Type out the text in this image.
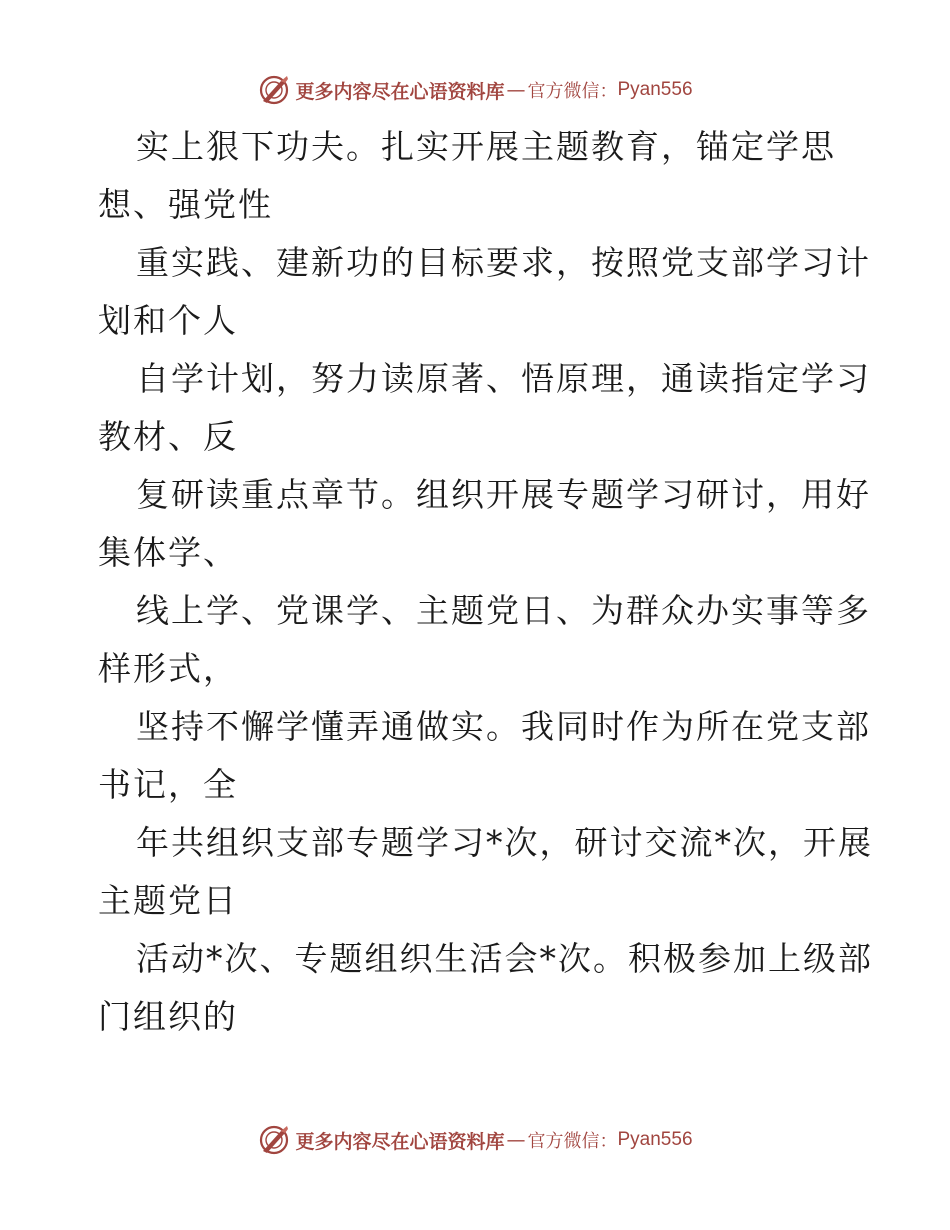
更多内容尽在心语资料库 — 官方微信： Pyan556
实上狠下功夫。扎实开展主题教育，锚定学思
想、强党性
重实践、建新功的目标要求，按照党支部学习计
划和个人
自学计划，努力读原著、悟原理，通读指定学习
教材、反
复研读重点章节。组织开展专题学习研讨，用好
集体学、
线上学、党课学、主题党日、为群众办实事等多
样形式，
坚持不懈学懂弄通做实。我同时作为所在党支部
书记，全
年共组织支部专题学习*次，研讨交流*次，开展
主题党日
活动*次、专题组织生活会*次。积极参加上级部
门组织的
更多内容尽在心语资料库 — 官方微信： Pyan556
